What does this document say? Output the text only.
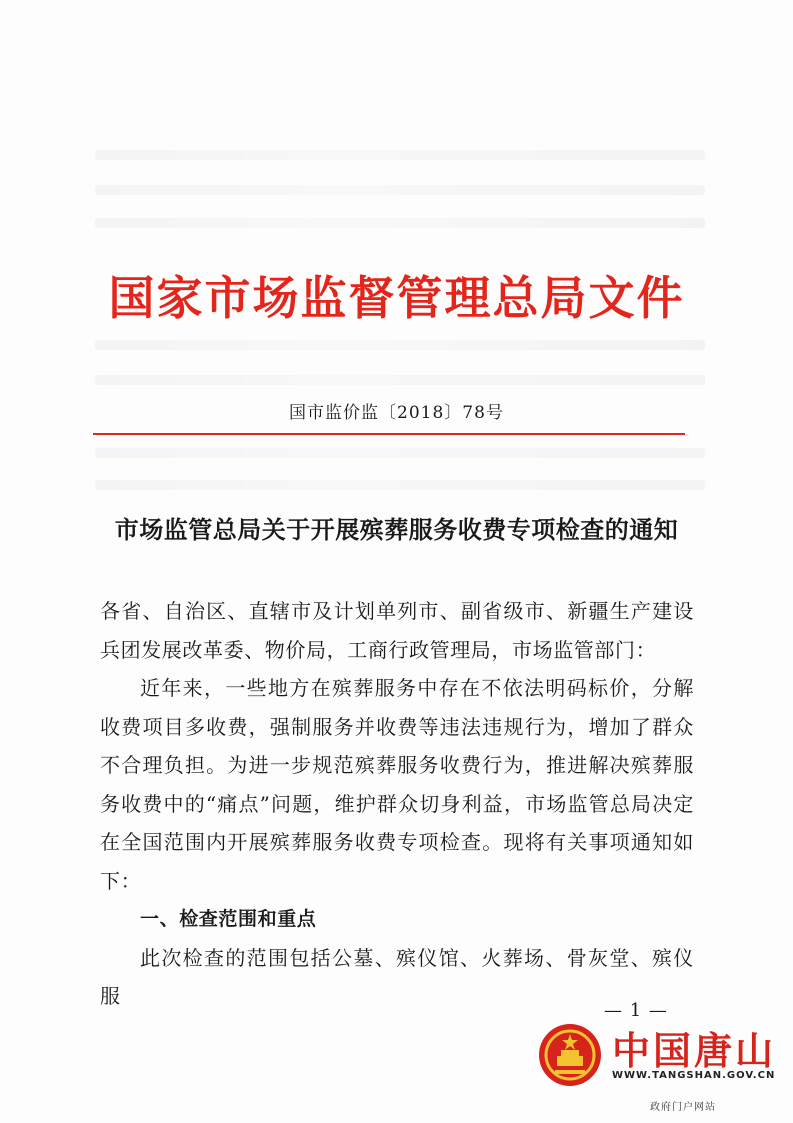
国家市场监督管理总局文件
国市监价监〔2018〕78号
市场监管总局关于开展殡葬服务收费专项检查的通知

各省、自治区、直辖市及计划单列市、副省级市、新疆生产建设兵团发展改革委、物价局，工商行政管理局，市场监管部门：

近年来，一些地方在殡葬服务中存在不依法明码标价，分解收费项目多收费，强制服务并收费等违法违规行为，增加了群众不合理负担。为进一步规范殡葬服务收费行为，推进解决殡葬服务收费中的“痛点”问题，维护群众切身利益，市场监管总局决定在全国范围内开展殡葬服务收费专项检查。现将有关事项通知如下：

一、检查范围和重点

此次检查的范围包括公墓、殡仪馆、火葬场、骨灰堂、殡仪服

— 1 —
中国唐山
WWW.TANGSHAN.GOV.CN
政府门户网站
